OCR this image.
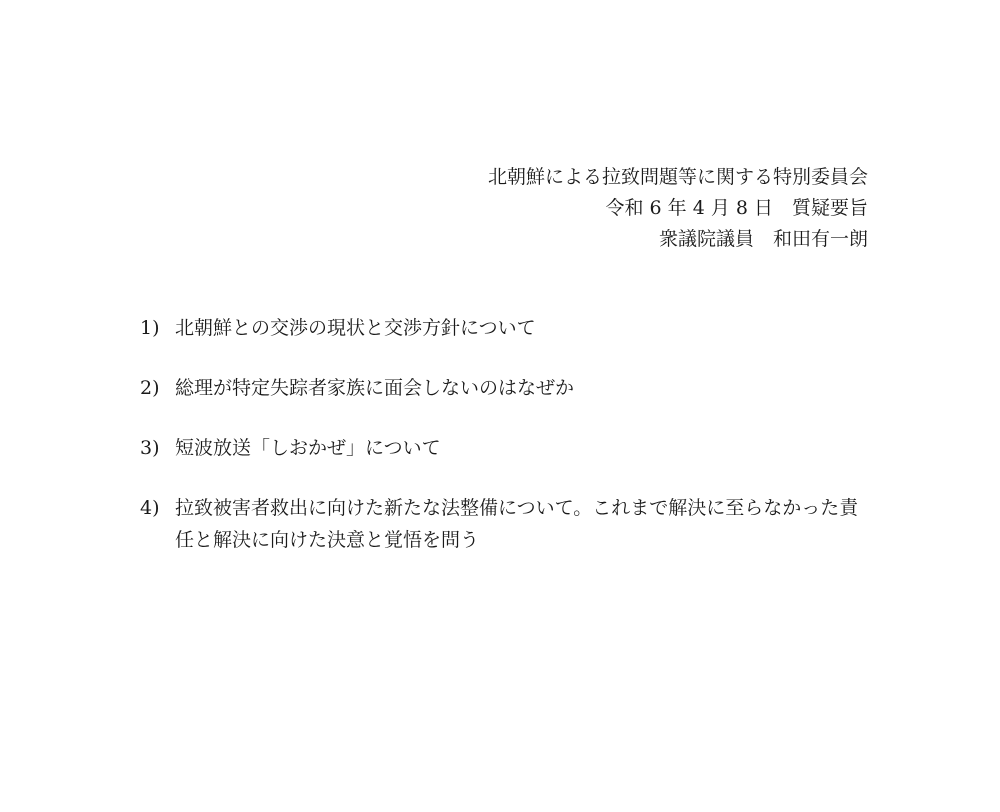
北朝鮮による拉致問題等に関する特別委員会
令和 6 年 4 月 8 日　質疑要旨
衆議院議員　和田有一朗
1) 北朝鮮との交渉の現状と交渉方針について
2) 総理が特定失踪者家族に面会しないのはなぜか
3) 短波放送「しおかぜ」について
4) 拉致被害者救出に向けた新たな法整備について。これまで解決に至らなかった責任と解決に向けた決意と覚悟を問う
